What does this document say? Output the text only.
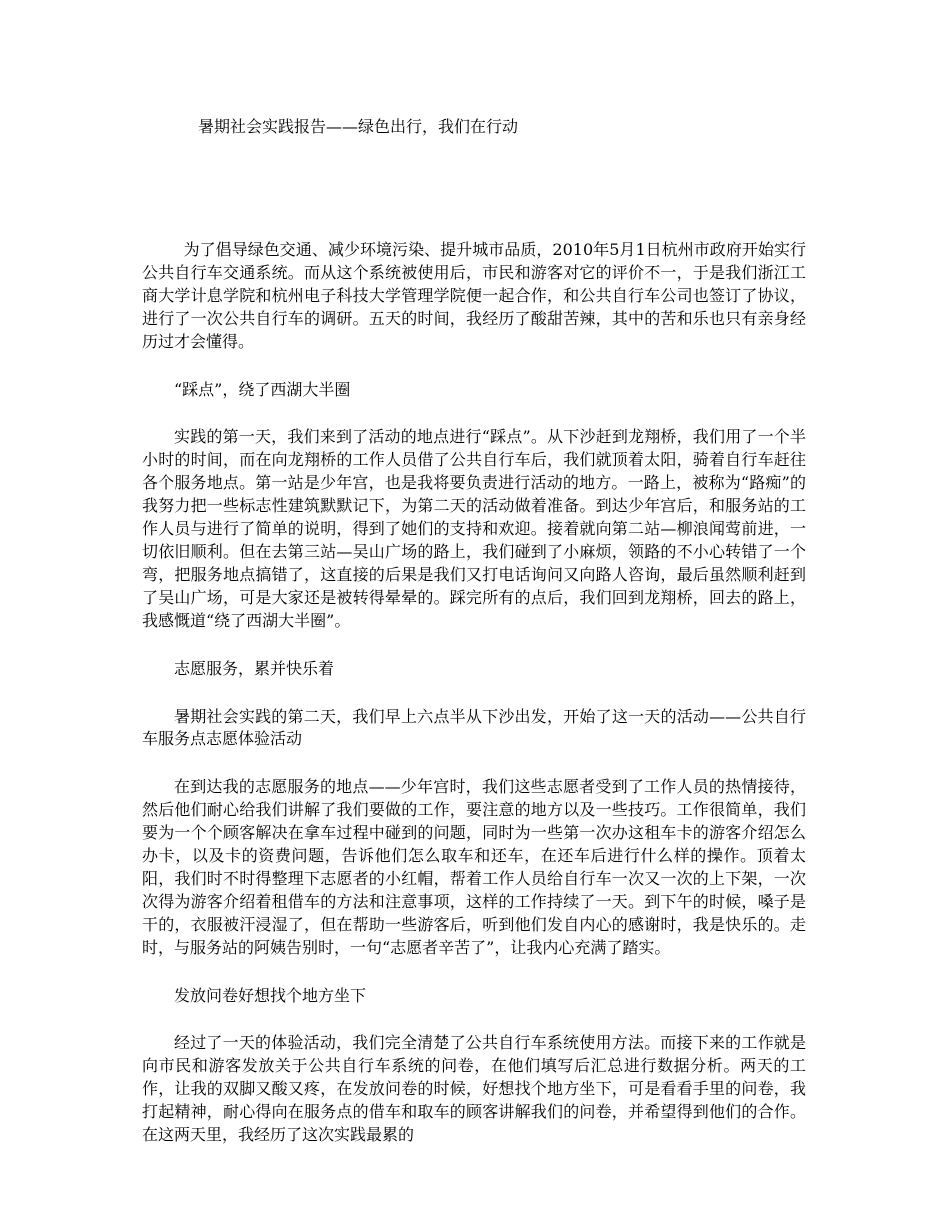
暑期社会实践报告——绿色出行，我们在行动

为了倡导绿色交通、减少环境污染、提升城市品质，2010年5月1日杭州市政府开始实行公共自行车交通系统。而从这个系统被使用后，市民和游客对它的评价不一，于是我们浙江工商大学计息学院和杭州电子科技大学管理学院便一起合作，和公共自行车公司也签订了协议，进行了一次公共自行车的调研。五天的时间，我经历了酸甜苦辣，其中的苦和乐也只有亲身经历过才会懂得。

“踩点”，绕了西湖大半圈

实践的第一天，我们来到了活动的地点进行“踩点”。从下沙赶到龙翔桥，我们用了一个半小时的时间，而在向龙翔桥的工作人员借了公共自行车后，我们就顶着太阳，骑着自行车赶往各个服务地点。第一站是少年宫，也是我将要负责进行活动的地方。一路上，被称为“路痴”的我努力把一些标志性建筑默默记下，为第二天的活动做着准备。到达少年宫后，和服务站的工作人员与进行了简单的说明，得到了她们的支持和欢迎。接着就向第二站—柳浪闻莺前进，一切依旧顺利。但在去第三站—吴山广场的路上，我们碰到了小麻烦，领路的不小心转错了一个弯，把服务地点搞错了，这直接的后果是我们又打电话询问又向路人咨询，最后虽然顺利赶到了吴山广场，可是大家还是被转得晕晕的。踩完所有的点后，我们回到龙翔桥，回去的路上，我感慨道“绕了西湖大半圈”。

志愿服务，累并快乐着

暑期社会实践的第二天，我们早上六点半从下沙出发，开始了这一天的活动——公共自行车服务点志愿体验活动

在到达我的志愿服务的地点——少年宫时，我们这些志愿者受到了工作人员的热情接待，然后他们耐心给我们讲解了我们要做的工作，要注意的地方以及一些技巧。工作很简单，我们要为一个个顾客解决在拿车过程中碰到的问题，同时为一些第一次办这租车卡的游客介绍怎么办卡，以及卡的资费问题，告诉他们怎么取车和还车，在还车后进行什么样的操作。顶着太阳，我们时不时得整理下志愿者的小红帽，帮着工作人员给自行车一次又一次的上下架，一次次得为游客介绍着租借车的方法和注意事项，这样的工作持续了一天。到下午的时候，嗓子是干的，衣服被汗浸湿了，但在帮助一些游客后，听到他们发自内心的感谢时，我是快乐的。走时，与服务站的阿姨告别时，一句“志愿者辛苦了”，让我内心充满了踏实。

发放问卷好想找个地方坐下

经过了一天的体验活动，我们完全清楚了公共自行车系统使用方法。而接下来的工作就是向市民和游客发放关于公共自行车系统的问卷，在他们填写后汇总进行数据分析。两天的工作，让我的双脚又酸又疼，在发放问卷的时候，好想找个地方坐下，可是看看手里的问卷，我打起精神，耐心得向在服务点的借车和取车的顾客讲解我们的问卷，并希望得到他们的合作。在这两天里，我经历了这次实践最累的
